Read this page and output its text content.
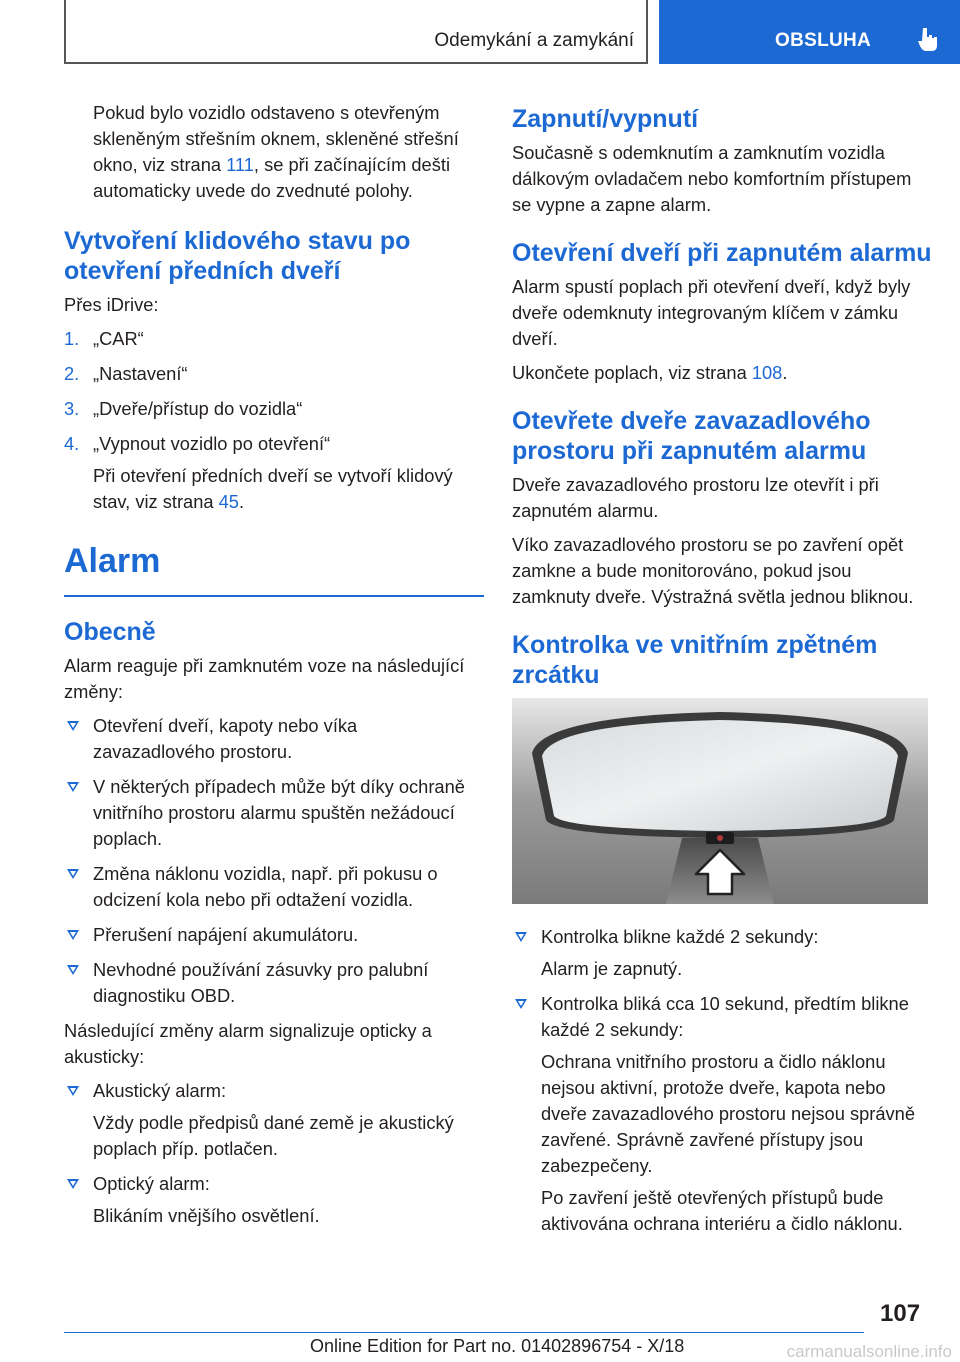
Odemykání a zamykání	OBSLUHA

Pokud bylo vozidlo odstaveno s otevřeným skleněným střešním oknem, skleněné střešní okno, viz strana 111, se při začínajícím dešti automaticky uvede do zvednuté polohy.

Vytvoření klidového stavu po otevření předních dveří

Přes iDrive:

1. „CAR“
2. „Nastavení“
3. „Dveře/přístup do vozidla“
4. „Vypnout vozidlo po otevření“
Při otevření předních dveří se vytvoří klidový stav, viz strana 45.
Alarm
Obecně

Alarm reaguje při zamknutém voze na následující změny:

Otevření dveří, kapoty nebo víka zavazadlového prostoru.
V některých případech může být díky ochraně vnitřního prostoru alarmu spuštěn nežádoucí poplach.
Změna náklonu vozidla, např. při pokusu o odcizení kola nebo při odtažení vozidla.
Přerušení napájení akumulátoru.
Nevhodné používání zásuvky pro palubní diagnostiku OBD.

Následující změny alarm signalizuje opticky a akusticky:

Akustický alarm:
Vždy podle předpisů dané země je akustický poplach příp. potlačen.
Optický alarm:
Blikáním vnějšího osvětlení.
Zapnutí/vypnutí

Současně s odemknutím a zamknutím vozidla dálkovým ovladačem nebo komfortním přístupem se vypne a zapne alarm.

Otevření dveří při zapnutém alarmu

Alarm spustí poplach při otevření dveří, když byly dveře odemknuty integrovaným klíčem v zámku dveří.

Ukončete poplach, viz strana 108.

Otevřete dveře zavazadlového prostoru při zapnutém alarmu

Dveře zavazadlového prostoru lze otevřít i při zapnutém alarmu.

Víko zavazadlového prostoru se po zavření opět zamkne a bude monitorováno, pokud jsou zamknuty dveře. Výstražná světla jednou bliknou.

Kontrolka ve vnitřním zpětném zrcátku
Kontrolka blikne každé 2 sekundy:
Alarm je zapnutý.
Kontrolka bliká cca 10 sekund, předtím blikne každé 2 sekundy:
Ochrana vnitřního prostoru a čidlo náklonu nejsou aktivní, protože dveře, kapota nebo dveře zavazadlového prostoru nejsou správně zavřené. Správně zavřené přístupy jsou zabezpečeny.
Po zavření ještě otevřených přístupů bude aktivována ochrana interiéru a čidlo náklonu.
107
Online Edition for Part no. 01402896754 - X/18	carmanualsonline.info
